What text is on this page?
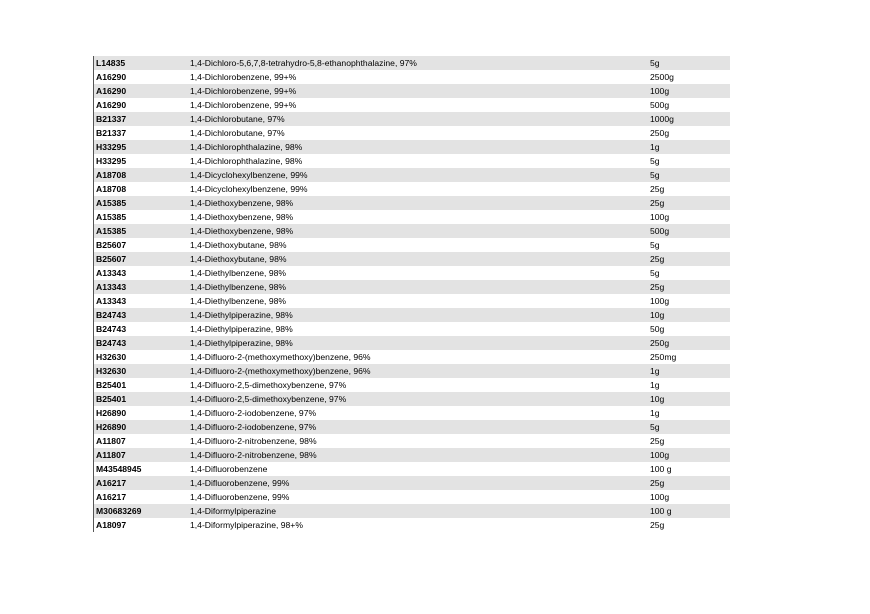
L14835	1,4-Dichloro-5,6,7,8-tetrahydro-5,8-ethanophthalazine, 97%	5g
A16290	1,4-Dichlorobenzene, 99+%	2500g
A16290	1,4-Dichlorobenzene, 99+%	100g
A16290	1,4-Dichlorobenzene, 99+%	500g
B21337	1,4-Dichlorobutane, 97%	1000g
B21337	1,4-Dichlorobutane, 97%	250g
H33295	1,4-Dichlorophthalazine, 98%	1g
H33295	1,4-Dichlorophthalazine, 98%	5g
A18708	1,4-Dicyclohexylbenzene, 99%	5g
A18708	1,4-Dicyclohexylbenzene, 99%	25g
A15385	1,4-Diethoxybenzene, 98%	25g
A15385	1,4-Diethoxybenzene, 98%	100g
A15385	1,4-Diethoxybenzene, 98%	500g
B25607	1,4-Diethoxybutane, 98%	5g
B25607	1,4-Diethoxybutane, 98%	25g
A13343	1,4-Diethylbenzene, 98%	5g
A13343	1,4-Diethylbenzene, 98%	25g
A13343	1,4-Diethylbenzene, 98%	100g
B24743	1,4-Diethylpiperazine, 98%	10g
B24743	1,4-Diethylpiperazine, 98%	50g
B24743	1,4-Diethylpiperazine, 98%	250g
H32630	1,4-Difluoro-2-(methoxymethoxy)benzene, 96%	250mg
H32630	1,4-Difluoro-2-(methoxymethoxy)benzene, 96%	1g
B25401	1,4-Difluoro-2,5-dimethoxybenzene, 97%	1g
B25401	1,4-Difluoro-2,5-dimethoxybenzene, 97%	10g
H26890	1,4-Difluoro-2-iodobenzene, 97%	1g
H26890	1,4-Difluoro-2-iodobenzene, 97%	5g
A11807	1,4-Difluoro-2-nitrobenzene, 98%	25g
A11807	1,4-Difluoro-2-nitrobenzene, 98%	100g
M43548945	1,4-Difluorobenzene	100 g
A16217	1,4-Difluorobenzene, 99%	25g
A16217	1,4-Difluorobenzene, 99%	100g
M30683269	1,4-Diformylpiperazine	100 g
A18097	1,4-Diformylpiperazine, 98+%	25g
